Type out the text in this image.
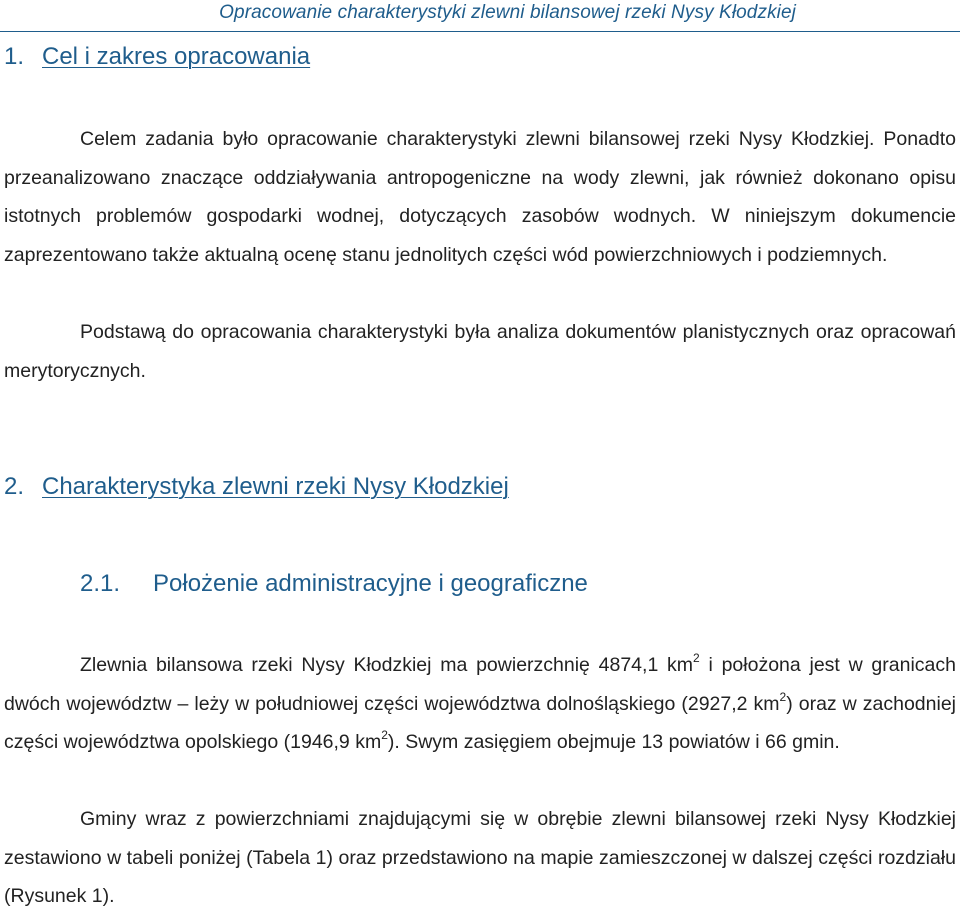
Opracowanie charakterystyki zlewni bilansowej rzeki Nysy Kłodzkiej
1. Cel i zakres opracowania
Celem zadania było opracowanie charakterystyki zlewni bilansowej rzeki Nysy Kłodzkiej. Ponadto przeanalizowano znaczące oddziaływania antropogeniczne na wody zlewni, jak również dokonano opisu istotnych problemów gospodarki wodnej, dotyczących zasobów wodnych. W niniejszym dokumencie zaprezentowano także aktualną ocenę stanu jednolitych części wód powierzchniowych i podziemnych.
Podstawą do opracowania charakterystyki była analiza dokumentów planistycznych oraz opracowań merytorycznych.
2. Charakterystyka zlewni rzeki Nysy Kłodzkiej
2.1. Położenie administracyjne i geograficzne
Zlewnia bilansowa rzeki Nysy Kłodzkiej ma powierzchnię 4874,1 $km^2$ i położona jest w granicach dwóch województw – leży w południowej części województwa dolnośląskiego (2927,2 $km^2$) oraz w zachodniej części województwa opolskiego (1946,9 $km^2$). Swym zasięgiem obejmuje 13 powiatów i 66 gmin.
Gminy wraz z powierzchniami znajdującymi się w obrębie zlewni bilansowej rzeki Nysy Kłodzkiej zestawiono w tabeli poniżej (Tabela 1) oraz przedstawiono na mapie zamieszczonej w dalszej części rozdziału (Rysunek 1).
